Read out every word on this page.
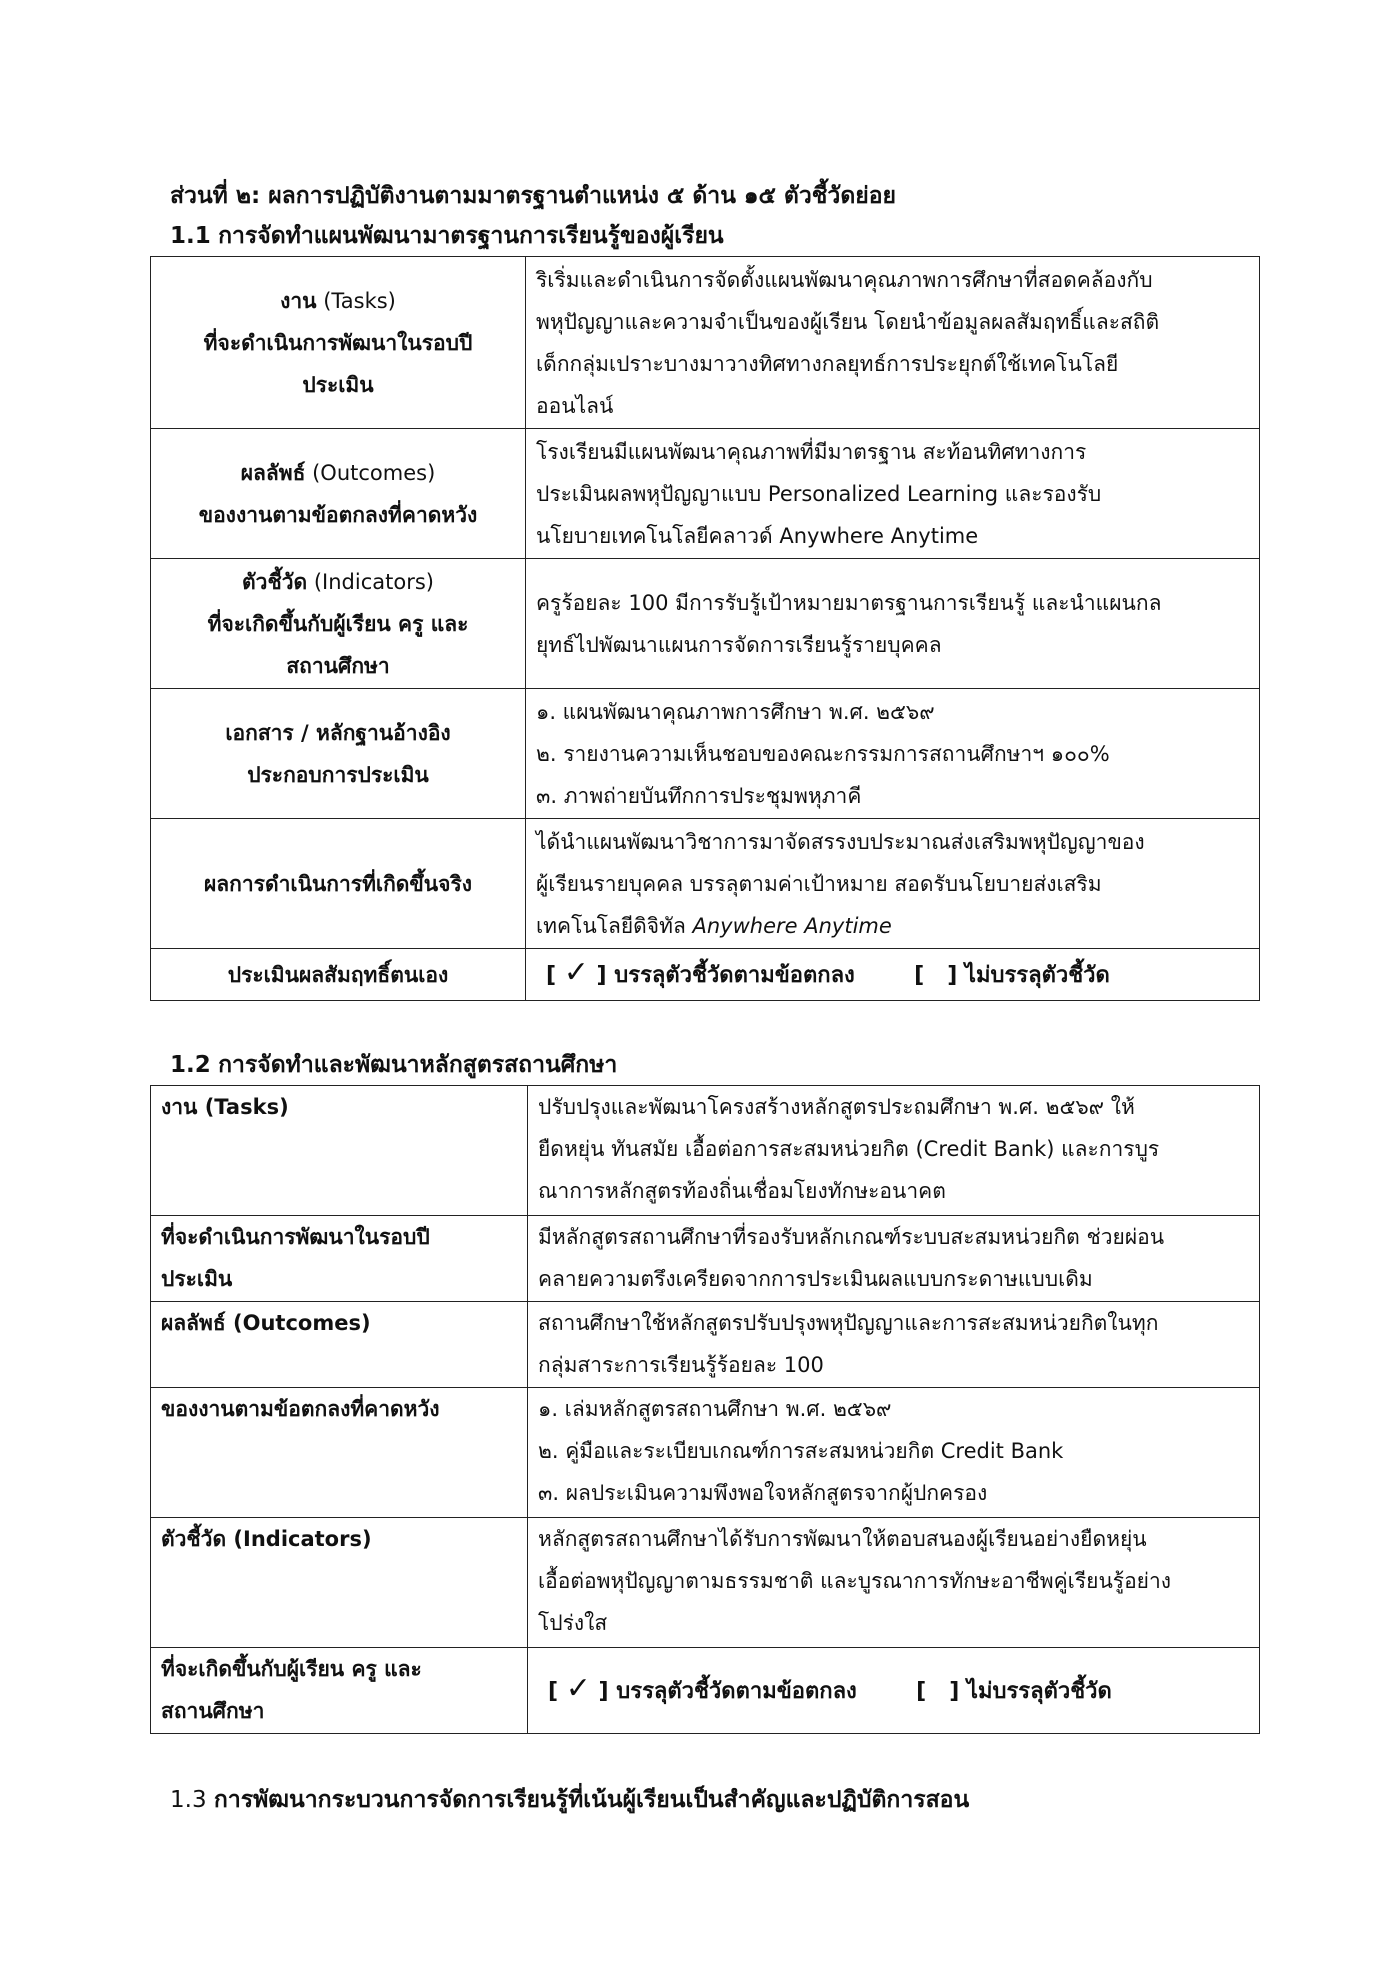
ส่วนที่ ๒: ผลการปฏิบัติงานตามมาตรฐานตำแหน่ง ๕ ด้าน ๑๕ ตัวชี้วัดย่อย
1.1 การจัดทำแผนพัฒนามาตรฐานการเรียนรู้ของผู้เรียน
งาน (Tasks)
ที่จะดำเนินการพัฒนาในรอบปี
ประเมิน	ริเริ่มและดำเนินการจัดตั้งแผนพัฒนาคุณภาพการศึกษาที่สอดคล้องกับ
พหุปัญญาและความจำเป็นของผู้เรียน โดยนำข้อมูลผลสัมฤทธิ์และสถิติ
เด็กกลุ่มเปราะบางมาวางทิศทางกลยุทธ์การประยุกต์ใช้เทคโนโลยี
ออนไลน์

ผลลัพธ์ (Outcomes)
ของงานตามข้อตกลงที่คาดหวัง	โรงเรียนมีแผนพัฒนาคุณภาพที่มีมาตรฐาน สะท้อนทิศทางการ
ประเมินผลพหุปัญญาแบบ Personalized Learning และรองรับ
นโยบายเทคโนโลยีคลาวด์ Anywhere Anytime

ตัวชี้วัด (Indicators)
ที่จะเกิดขึ้นกับผู้เรียน ครู และ
สถานศึกษา	ครูร้อยละ 100 มีการรับรู้เป้าหมายมาตรฐานการเรียนรู้ และนำแผนกล
ยุทธ์ไปพัฒนาแผนการจัดการเรียนรู้รายบุคคล

เอกสาร / หลักฐานอ้างอิง
ประกอบการประเมิน	๑. แผนพัฒนาคุณภาพการศึกษา พ.ศ. ๒๕๖๙
๒. รายงานความเห็นชอบของคณะกรรมการสถานศึกษาฯ ๑๐๐%
๓. ภาพถ่ายบันทึกการประชุมพหุภาคี

ผลการดำเนินการที่เกิดขึ้นจริง	ได้นำแผนพัฒนาวิชาการมาจัดสรรงบประมาณส่งเสริมพหุปัญญาของ
ผู้เรียนรายบุคคล บรรลุตามค่าเป้าหมาย สอดรับนโยบายส่งเสริม
เทคโนโลยีดิจิทัล Anywhere Anytime

ประเมินผลสัมฤทธิ์ตนเอง	[ ✓ ] บรรลุตัวชี้วัดตามข้อตกลง [   ] ไม่บรรลุตัวชี้วัด
1.2 การจัดทำและพัฒนาหลักสูตรสถานศึกษา
งาน (Tasks)	ปรับปรุงและพัฒนาโครงสร้างหลักสูตรประถมศึกษา พ.ศ. ๒๕๖๙ ให้
ยืดหยุ่น ทันสมัย เอื้อต่อการสะสมหน่วยกิต (Credit Bank) และการบูร
ณาการหลักสูตรท้องถิ่นเชื่อมโยงทักษะอนาคต

ที่จะดำเนินการพัฒนาในรอบปี
ประเมิน	มีหลักสูตรสถานศึกษาที่รองรับหลักเกณฑ์ระบบสะสมหน่วยกิต ช่วยผ่อน
คลายความตรึงเครียดจากการประเมินผลแบบกระดาษแบบเดิม

ผลลัพธ์ (Outcomes)	สถานศึกษาใช้หลักสูตรปรับปรุงพหุปัญญาและการสะสมหน่วยกิตในทุก
กลุ่มสาระการเรียนรู้ร้อยละ 100

ของงานตามข้อตกลงที่คาดหวัง	๑. เล่มหลักสูตรสถานศึกษา พ.ศ. ๒๕๖๙
๒. คู่มือและระเบียบเกณฑ์การสะสมหน่วยกิต Credit Bank
๓. ผลประเมินความพึงพอใจหลักสูตรจากผู้ปกครอง

ตัวชี้วัด (Indicators)	หลักสูตรสถานศึกษาได้รับการพัฒนาให้ตอบสนองผู้เรียนอย่างยืดหยุ่น
เอื้อต่อพหุปัญญาตามธรรมชาติ และบูรณาการทักษะอาชีพคู่เรียนรู้อย่าง
โปร่งใส

ที่จะเกิดขึ้นกับผู้เรียน ครู และ
สถานศึกษา	[ ✓ ] บรรลุตัวชี้วัดตามข้อตกลง [   ] ไม่บรรลุตัวชี้วัด
1.3 การพัฒนากระบวนการจัดการเรียนรู้ที่เน้นผู้เรียนเป็นสำคัญและปฏิบัติการสอน
